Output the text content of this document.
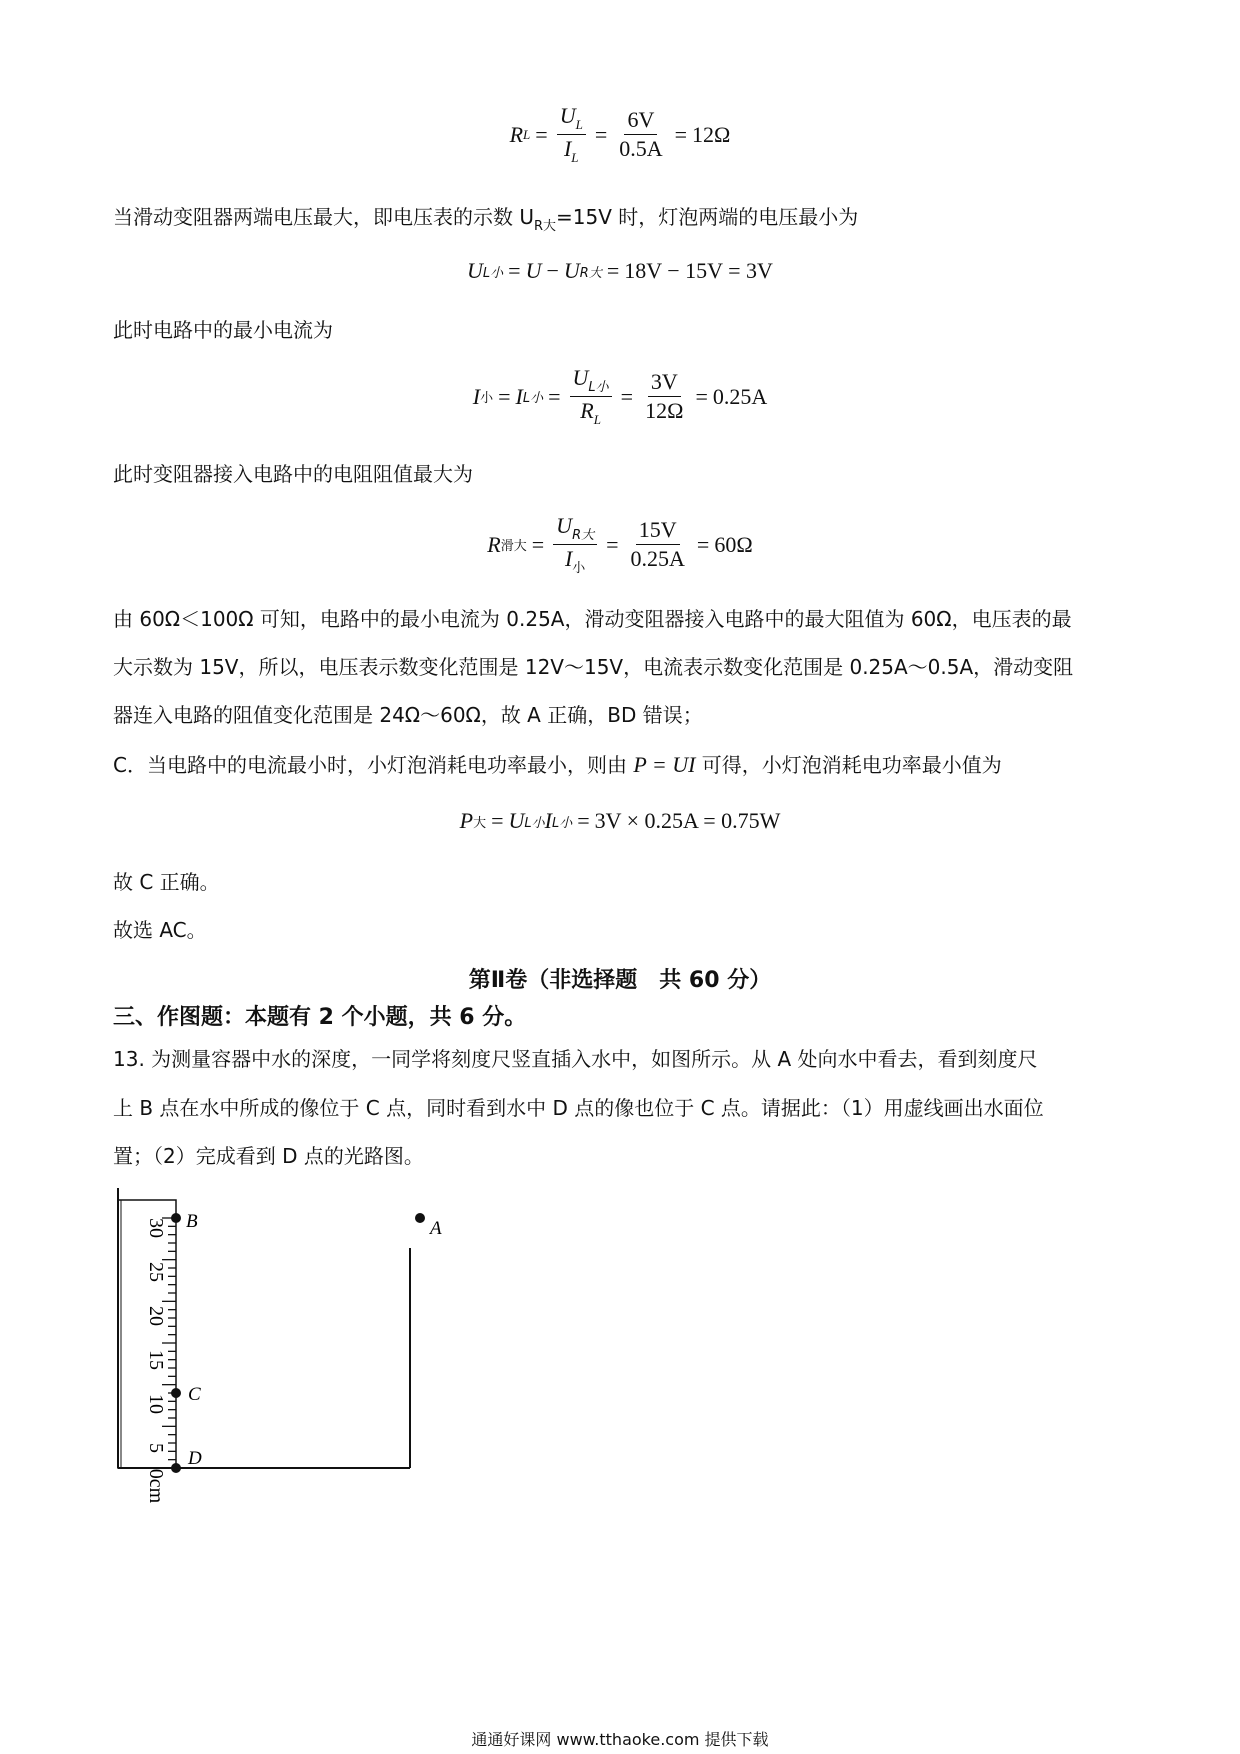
R $L = \frac{U_L}{I_L} = \frac{6V}{0.5A} = 12\Omega$
当滑动变阻器两端电压最大，即电压表的示数 $U_{R大}=15V$ 时，灯泡两端的电压最小为
U L小 = U − U R大 = 18V − 15V = 3V
此时电路中的最小电流为
I 小 = I L小 = $\frac{U_{L小}}{R_L} = \frac{3V}{12\Omega} = 0.25A$
此时变阻器接入电路中的电阻阻值最大为
R 滑大 = $\frac{U_{R大}}{I_小} = \frac{15V}{0.25A} = 60\Omega$
由 60Ω＜100Ω 可知，电路中的最小电流为 0.25A，滑动变阻器接入电路中的最大阻值为 60Ω，电压表的最
大示数为 15V，所以，电压表示数变化范围是 12V～15V，电流表示数变化范围是 0.25A～0.5A，滑动变阻
器连入电路的阻值变化范围是 24Ω～60Ω，故 A 正确，BD 错误；
C．当电路中的电流最小时，小灯泡消耗电功率最小，则由 P = UI 可得，小灯泡消耗电功率最小值为
P 大 = U L小 I L小 = 3V × 0.25A = 0.75W
故 C 正确。
故选 AC。
第Ⅱ卷（非选择题　共 60 分）
三、作图题：本题有 2 个小题，共 6 分。
13. 为测量容器中水的深度，一同学将刻度尺竖直插入水中，如图所示。从 A 处向水中看去，看到刻度尺
上 B 点在水中所成的像位于 C 点，同时看到水中 D 点的像也位于 C 点。请据此：（1）用虚线画出水面位
置；（2）完成看到 D 点的光路图。
30
25
20
15
10
5
0cm
B
C
D
A
通通好课网 www.tthaoke.com 提供下载
